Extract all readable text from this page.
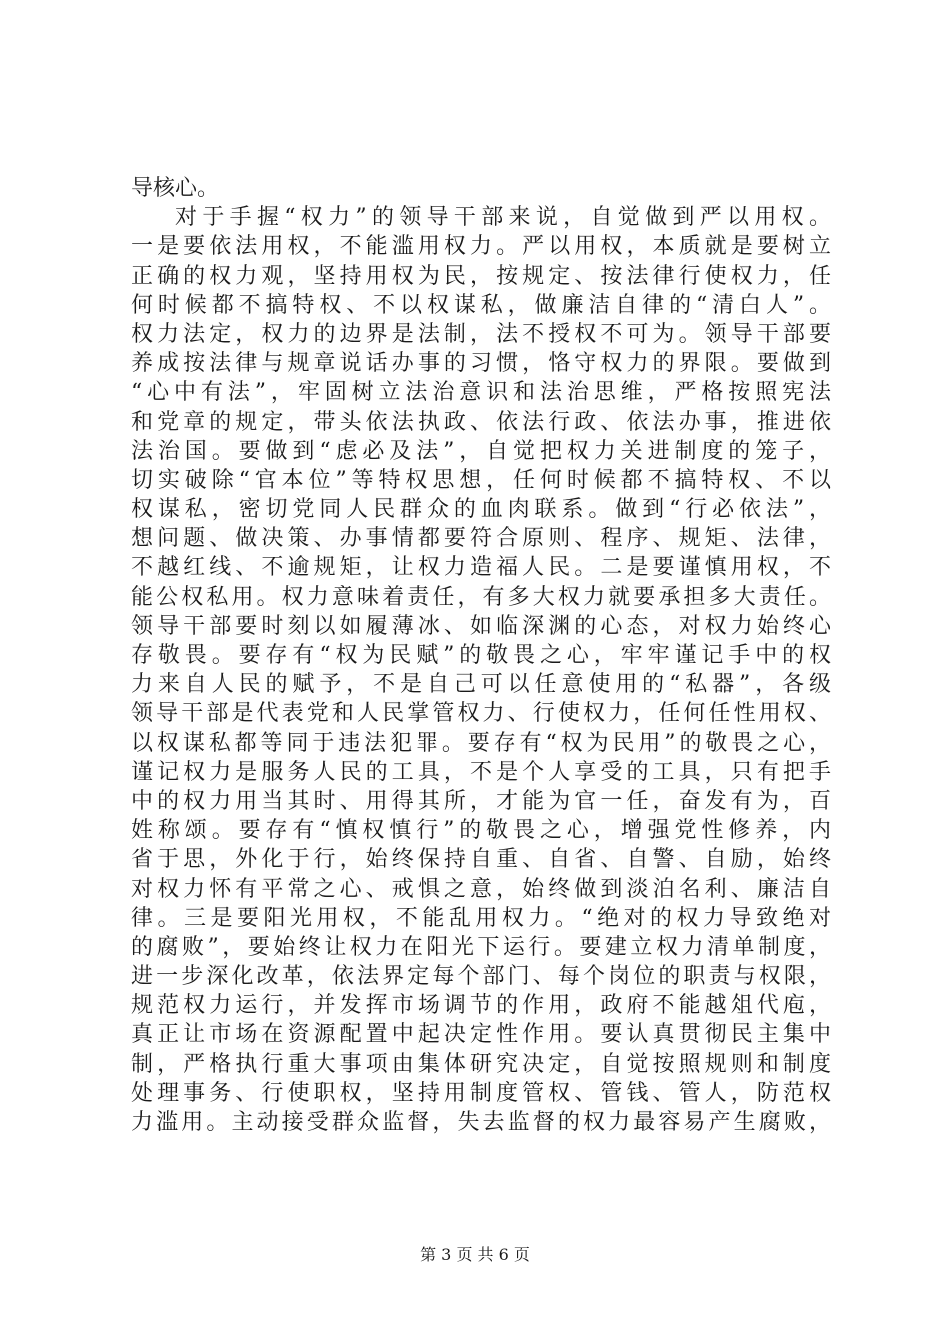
导核心。
对于手握“权力”的领导干部来说，自觉做到严以用权。
一是要依法用权，不能滥用权力。严以用权，本质就是要树立
正确的权力观，坚持用权为民，按规定、按法律行使权力，任
何时候都不搞特权、不以权谋私，做廉洁自律的“清白人”。
权力法定，权力的边界是法制，法不授权不可为。领导干部要
养成按法律与规章说话办事的习惯，恪守权力的界限。要做到
“心中有法”，牢固树立法治意识和法治思维，严格按照宪法
和党章的规定，带头依法执政、依法行政、依法办事，推进依
法治国。要做到“虑必及法”，自觉把权力关进制度的笼子，
切实破除“官本位”等特权思想，任何时候都不搞特权、不以
权谋私，密切党同人民群众的血肉联系。做到“行必依法”，
想问题、做决策、办事情都要符合原则、程序、规矩、法律，
不越红线、不逾规矩，让权力造福人民。二是要谨慎用权，不
能公权私用。权力意味着责任，有多大权力就要承担多大责任。
领导干部要时刻以如履薄冰、如临深渊的心态，对权力始终心
存敬畏。要存有“权为民赋”的敬畏之心，牢牢谨记手中的权
力来自人民的赋予，不是自己可以任意使用的“私器”，各级
领导干部是代表党和人民掌管权力、行使权力，任何任性用权、
以权谋私都等同于违法犯罪。要存有“权为民用”的敬畏之心，
谨记权力是服务人民的工具，不是个人享受的工具，只有把手
中的权力用当其时、用得其所，才能为官一任，奋发有为，百
姓称颂。要存有“慎权慎行”的敬畏之心，增强党性修养，内
省于思，外化于行，始终保持自重、自省、自警、自励，始终
对权力怀有平常之心、戒惧之意，始终做到淡泊名利、廉洁自
律。三是要阳光用权，不能乱用权力。“绝对的权力导致绝对
的腐败”，要始终让权力在阳光下运行。要建立权力清单制度，
进一步深化改革，依法界定每个部门、每个岗位的职责与权限，
规范权力运行，并发挥市场调节的作用，政府不能越俎代庖，
真正让市场在资源配置中起决定性作用。要认真贯彻民主集中
制，严格执行重大事项由集体研究决定，自觉按照规则和制度
处理事务、行使职权，坚持用制度管权、管钱、管人，防范权
力滥用。主动接受群众监督，失去监督的权力最容易产生腐败，
第 3 页 共 6 页
